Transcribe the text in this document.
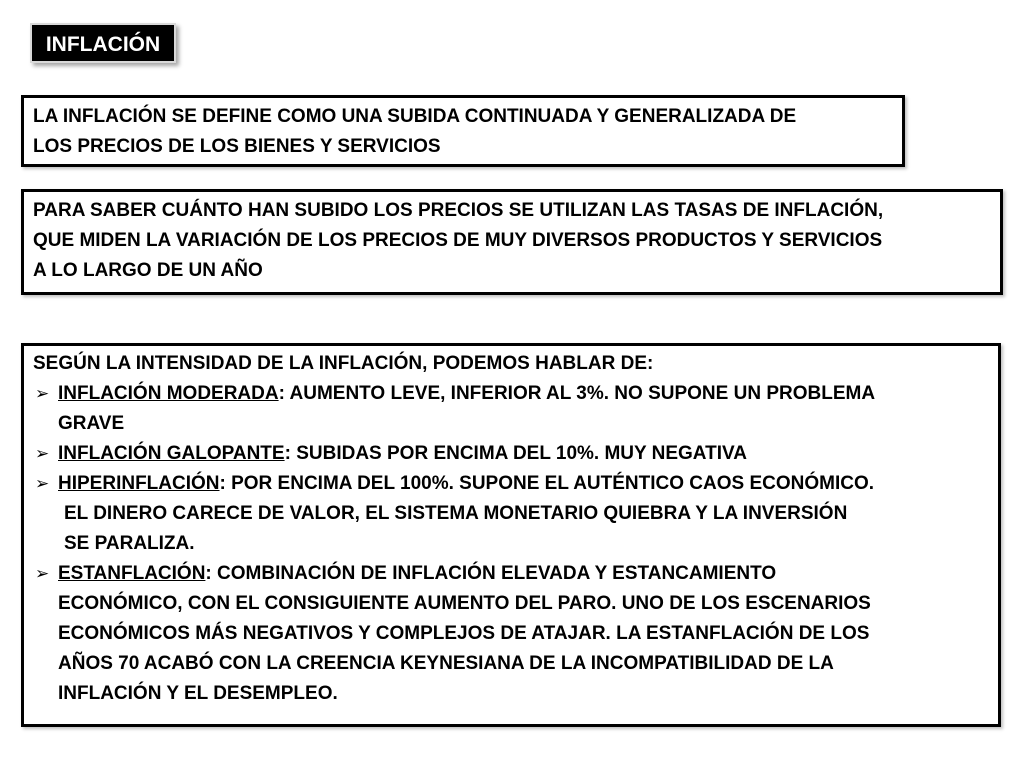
INFLACIÓN
LA INFLACIÓN SE DEFINE COMO UNA SUBIDA CONTINUADA Y GENERALIZADA DE
LOS PRECIOS DE LOS BIENES Y SERVICIOS
PARA SABER CUÁNTO HAN SUBIDO LOS PRECIOS SE UTILIZAN LAS TASAS DE INFLACIÓN,
QUE MIDEN LA VARIACIÓN DE LOS PRECIOS DE MUY DIVERSOS PRODUCTOS Y SERVICIOS
A LO LARGO DE UN AÑO
SEGÚN LA INTENSIDAD DE LA INFLACIÓN, PODEMOS HABLAR DE:
➢ INFLACIÓN MODERADA: AUMENTO LEVE, INFERIOR AL 3%. NO SUPONE UN PROBLEMA
GRAVE
➢ INFLACIÓN GALOPANTE: SUBIDAS POR ENCIMA DEL 10%. MUY NEGATIVA
➢ HIPERINFLACIÓN: POR ENCIMA DEL 100%. SUPONE EL AUTÉNTICO CAOS ECONÓMICO.
EL DINERO CARECE DE VALOR, EL SISTEMA MONETARIO QUIEBRA Y LA INVERSIÓN
SE PARALIZA.
➢ ESTANFLACIÓN: COMBINACIÓN DE INFLACIÓN ELEVADA Y ESTANCAMIENTO
ECONÓMICO, CON EL CONSIGUIENTE AUMENTO DEL PARO. UNO DE LOS ESCENARIOS
ECONÓMICOS MÁS NEGATIVOS Y COMPLEJOS DE ATAJAR. LA ESTANFLACIÓN DE LOS
AÑOS 70 ACABÓ CON LA CREENCIA KEYNESIANA DE LA INCOMPATIBILIDAD DE LA
INFLACIÓN Y EL DESEMPLEO.
